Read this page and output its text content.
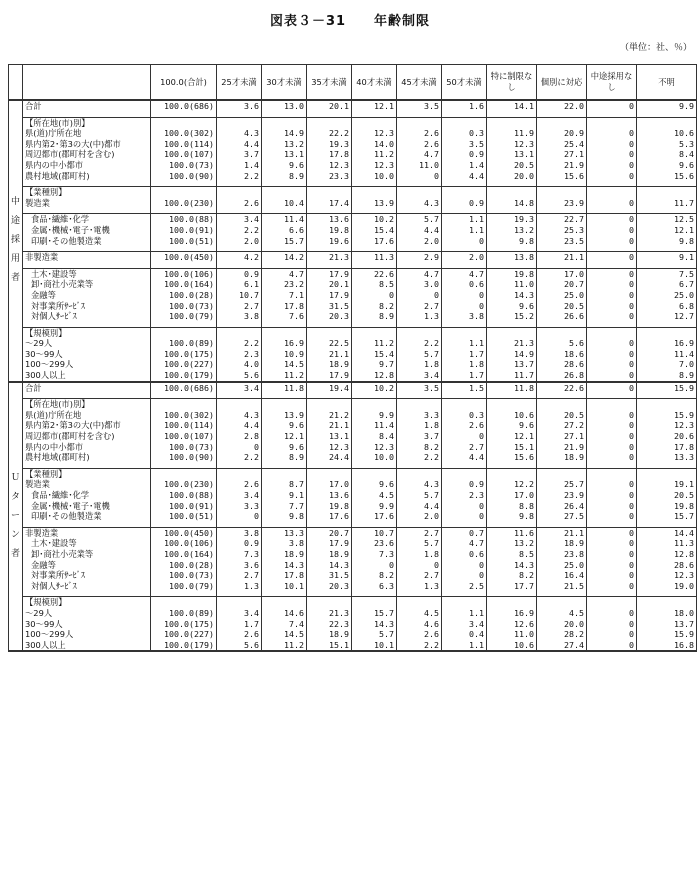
図表３－31　　年齢制限
（単位：社、％）
		100.0(合計)	25才未満	30才未満	35才未満	40才未満	45才未満	50才未満	特に制限なし	個別に対応	中途採用なし	不明

中
途
採
用
者	合計	100.0(686)	3.6	13.0	20.1	12.1	3.5	1.6	14.1	22.0	0	9.9

	【所在地(市)別】											
	県(道)庁所在地	100.0(302)	4.3	14.9	22.2	12.3	2.6	0.3	11.9	20.9	0	10.6
	県内第2･第3の大(中)都市	100.0(114)	4.4	13.2	19.3	14.0	2.6	3.5	12.3	25.4	0	5.3
	周辺都市(郡町村を含む)	100.0(107)	3.7	13.1	17.8	11.2	4.7	0.9	13.1	27.1	0	8.4
	県内の中小都市	100.0(73)	1.4	9.6	12.3	12.3	11.0	1.4	20.5	21.9	0	9.6
	農村地域(郡町村)	100.0(90)	2.2	8.9	23.3	10.0	0	4.4	20.0	15.6	0	15.6

	【業種別】											
	製造業	100.0(230)	2.6	10.4	17.4	13.9	4.3	0.9	14.8	23.9	0	11.7

	食品･繊維･化学	100.0(88)	3.4	11.4	13.6	10.2	5.7	1.1	19.3	22.7	0	12.5
	金属･機械･電子･電機	100.0(91)	2.2	6.6	19.8	15.4	4.4	1.1	13.2	25.3	0	12.1
	印刷･その他製造業	100.0(51)	2.0	15.7	19.6	17.6	2.0	0	9.8	23.5	0	9.8

	非製造業	100.0(450)	4.2	14.2	21.3	11.3	2.9	2.0	13.8	21.1	0	9.1

	土木･建設等	100.0(106)	0.9	4.7	17.9	22.6	4.7	4.7	19.8	17.0	0	7.5
	卸･商社小売業等	100.0(164)	6.1	23.2	20.1	8.5	3.0	0.6	11.0	20.7	0	6.7
	金融等	100.0(28)	10.7	7.1	17.9	0	0	0	14.3	25.0	0	25.0
	対事業所ｻｰﾋﾞｽ	100.0(73)	2.7	17.8	31.5	8.2	2.7	0	9.6	20.5	0	6.8
	対個人ｻｰﾋﾞｽ	100.0(79)	3.8	7.6	20.3	8.9	1.3	3.8	15.2	26.6	0	12.7

	【規模別】											
	～29人	100.0(89)	2.2	16.9	22.5	11.2	2.2	1.1	21.3	5.6	0	16.9
	30～99人	100.0(175)	2.3	10.9	21.1	15.4	5.7	1.7	14.9	18.6	0	11.4
	100～299人	100.0(227)	4.0	14.5	18.9	9.7	1.8	1.8	13.7	28.6	0	7.0
	300人以上	100.0(179)	5.6	11.2	17.9	12.8	3.4	1.7	11.7	26.8	0	8.9

Ｕ
タ
ー
ン
者	合計	100.0(686)	3.4	11.8	19.4	10.2	3.5	1.5	11.8	22.6	0	15.9

	【所在地(市)別】											
	県(道)庁所在地	100.0(302)	4.3	13.9	21.2	9.9	3.3	0.3	10.6	20.5	0	15.9
	県内第2･第3の大(中)都市	100.0(114)	4.4	9.6	21.1	11.4	1.8	2.6	9.6	27.2	0	12.3
	周辺都市(郡町村を含む)	100.0(107)	2.8	12.1	13.1	8.4	3.7	0	12.1	27.1	0	20.6
	県内の中小都市	100.0(73)	0	9.6	12.3	12.3	8.2	2.7	15.1	21.9	0	17.8
	農村地域(郡町村)	100.0(90)	2.2	8.9	24.4	10.0	2.2	4.4	15.6	18.9	0	13.3

	【業種別】											
	製造業	100.0(230)	2.6	8.7	17.0	9.6	4.3	0.9	12.2	25.7	0	19.1
	食品･繊維･化学	100.0(88)	3.4	9.1	13.6	4.5	5.7	2.3	17.0	23.9	0	20.5
	金属･機械･電子･電機	100.0(91)	3.3	7.7	19.8	9.9	4.4	0	8.8	26.4	0	19.8
	印刷･その他製造業	100.0(51)	0	9.8	17.6	17.6	2.0	0	9.8	27.5	0	15.7

	非製造業	100.0(450)	3.8	13.3	20.7	10.7	2.7	0.7	11.6	21.1	0	14.4
	土木･建設等	100.0(106)	0.9	3.8	17.9	23.6	5.7	4.7	13.2	18.9	0	11.3
	卸･商社小売業等	100.0(164)	7.3	18.9	18.9	7.3	1.8	0.6	8.5	23.8	0	12.8
	金融等	100.0(28)	3.6	14.3	14.3	0	0	0	14.3	25.0	0	28.6
	対事業所ｻｰﾋﾞｽ	100.0(73)	2.7	17.8	31.5	8.2	2.7	0	8.2	16.4	0	12.3
	対個人ｻｰﾋﾞｽ	100.0(79)	1.3	10.1	20.3	6.3	1.3	2.5	17.7	21.5	0	19.0

	【規模別】											
	～29人	100.0(89)	3.4	14.6	21.3	15.7	4.5	1.1	16.9	4.5	0	18.0
	30～99人	100.0(175)	1.7	7.4	22.3	14.3	4.6	3.4	12.6	20.0	0	13.7
	100～299人	100.0(227)	2.6	14.5	18.9	5.7	2.6	0.4	11.0	28.2	0	15.9
	300人以上	100.0(179)	5.6	11.2	15.1	10.1	2.2	1.1	10.6	27.4	0	16.8
